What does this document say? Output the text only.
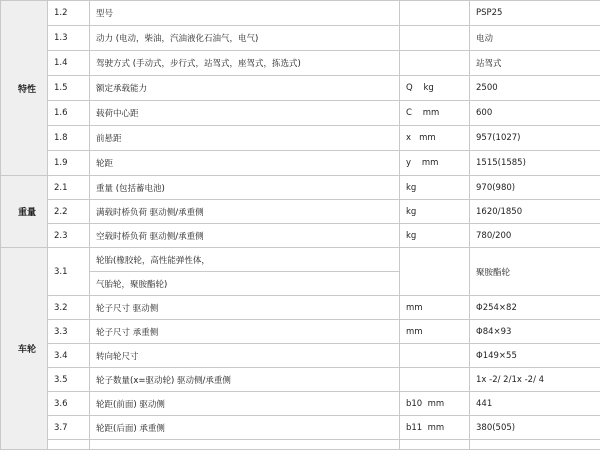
特性	1.2	型号		PSP25
	1.3	动力 (电动，柴油，汽油液化石油气，电气)		电动
	1.4	驾驶方式 (手动式，步行式，站驾式，座驾式，拣选式)		站驾式
	1.5	额定承载能力	Q    kg	2500
	1.6	载荷中心距	C    mm	600
	1.8	前悬距	x   mm	957(1027)
	1.9	轮距	y    mm	1515(1585)
重量	2.1	重量 (包括蓄电池)	kg	970(980)
	2.2	满载时桥负荷 驱动侧/承重侧	kg	1620/1850
	2.3	空载时桥负荷 驱动侧/承重侧	kg	780/200
车轮	3.1	轮胎(橡胶轮，高性能弹性体，		聚胺酯轮
		气胎轮，聚胺酯轮)		
	3.2	轮子尺寸 驱动侧	mm	Φ254×82
	3.3	轮子尺寸 承重侧	mm	Φ84×93
	3.4	转向轮尺寸		Φ149×55
	3.5	轮子数量(x=驱动轮) 驱动侧/承重侧		1x -2/ 2/1x -2/ 4
	3.6	轮距(前面) 驱动侧	b10  mm	441
	3.7	轮距(后面) 承重侧	b11  mm	380(505)
